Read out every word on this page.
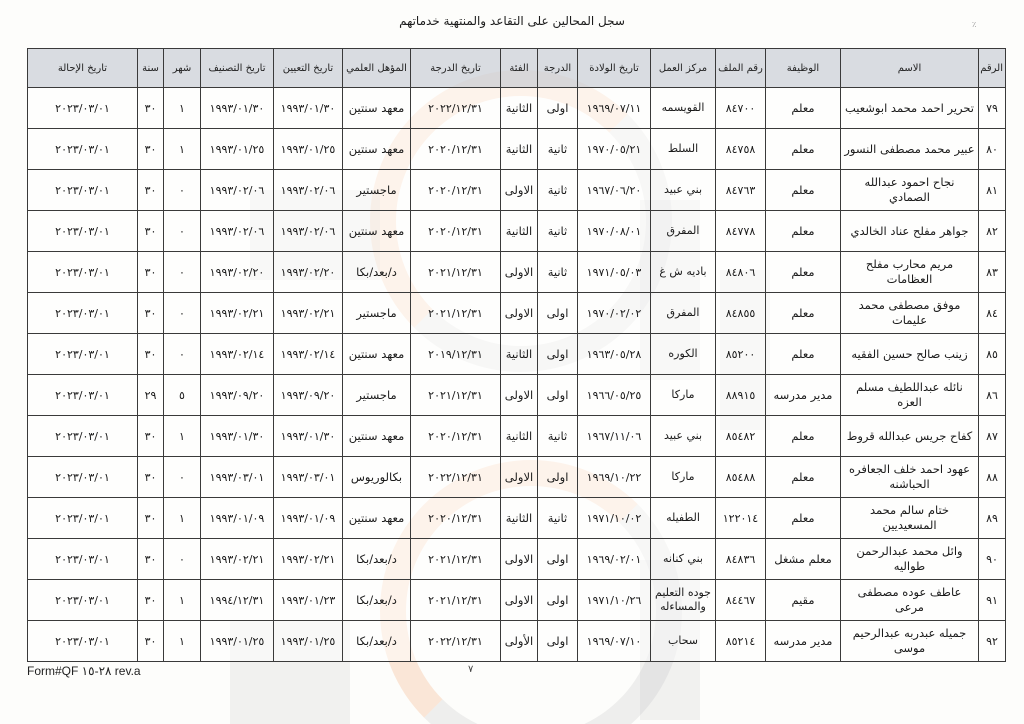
سجل المحالين على التقاعد والمنتهية خدماتهم	٪
الرقم	الاسم	الوظيفة	رقم الملف	مركز العمل	تاريخ الولادة	الدرجة	الفئة	تاريخ الدرجة	المؤهل العلمي	تاريخ التعيين	تاريخ التصنيف	شهر	سنة	تاريخ الإحالة
٧٩	تحرير احمد محمد ابوشعيب	معلم	٨٤٧٠٠	القويسمه	١٩٦٩/٠٧/١١	اولى	الثانية	٢٠٢٢/١٢/٣١	معهد سنتين	١٩٩٣/٠١/٣٠	١٩٩٣/٠١/٣٠	١	٣٠	٢٠٢٣/٠٣/٠١
٨٠	عبير محمد مصطفى النسور	معلم	٨٤٧٥٨	السلط	١٩٧٠/٠٥/٢١	ثانية	الثانية	٢٠٢٠/١٢/٣١	معهد سنتين	١٩٩٣/٠١/٢٥	١٩٩٣/٠١/٢٥	١	٣٠	٢٠٢٣/٠٣/٠١
٨١	نجاح احمود عبدالله الصمادي	معلم	٨٤٧٦٣	بني عبيد	١٩٦٧/٠٦/٢٠	ثانية	الاولى	٢٠٢٠/١٢/٣١	ماجستير	١٩٩٣/٠٢/٠٦	١٩٩٣/٠٢/٠٦	٠	٣٠	٢٠٢٣/٠٣/٠١
٨٢	جواهر مفلح عناد الخالدي	معلم	٨٤٧٧٨	المفرق	١٩٧٠/٠٨/٠١	ثانية	الثانية	٢٠٢٠/١٢/٣١	معهد سنتين	١٩٩٣/٠٢/٠٦	١٩٩٣/٠٢/٠٦	٠	٣٠	٢٠٢٣/٠٣/٠١
٨٣	مريم محارب مفلح العظامات	معلم	٨٤٨٠٦	باديه ش غ	١٩٧١/٠٥/٠٣	ثانية	الاولى	٢٠٢١/١٢/٣١	د/بعد/بكا	١٩٩٣/٠٢/٢٠	١٩٩٣/٠٢/٢٠	٠	٣٠	٢٠٢٣/٠٣/٠١
٨٤	موفق مصطفى محمد عليمات	معلم	٨٤٨٥٥	المفرق	١٩٧٠/٠٢/٠٢	اولى	الاولى	٢٠٢١/١٢/٣١	ماجستير	١٩٩٣/٠٢/٢١	١٩٩٣/٠٢/٢١	٠	٣٠	٢٠٢٣/٠٣/٠١
٨٥	زينب صالح حسين الفقيه	معلم	٨٥٢٠٠	الكوره	١٩٦٣/٠٥/٢٨	اولى	الثانية	٢٠١٩/١٢/٣١	معهد سنتين	١٩٩٣/٠٢/١٤	١٩٩٣/٠٢/١٤	٠	٣٠	٢٠٢٣/٠٣/٠١
٨٦	نائله عبداللطيف مسلم العزه	مدير مدرسه	٨٨٩١٥	ماركا	١٩٦٦/٠٥/٢٥	اولى	الاولى	٢٠٢١/١٢/٣١	ماجستير	١٩٩٣/٠٩/٢٠	١٩٩٣/٠٩/٢٠	٥	٢٩	٢٠٢٣/٠٣/٠١
٨٧	كفاح جريس عبدالله قروط	معلم	٨٥٤٨٢	بني عبيد	١٩٦٧/١١/٠٦	ثانية	الثانية	٢٠٢٠/١٢/٣١	معهد سنتين	١٩٩٣/٠١/٣٠	١٩٩٣/٠١/٣٠	١	٣٠	٢٠٢٣/٠٣/٠١
٨٨	عهود احمد خلف الجعافره الحباشنه	معلم	٨٥٤٨٨	ماركا	١٩٦٩/١٠/٢٢	اولى	الاولى	٢٠٢٢/١٢/٣١	بكالوريوس	١٩٩٣/٠٣/٠١	١٩٩٣/٠٣/٠١	٠	٣٠	٢٠٢٣/٠٣/٠١
٨٩	ختام سالم محمد المسعيديين	معلم	١٢٢٠١٤	الطفيله	١٩٧١/١٠/٠٢	ثانية	الثانية	٢٠٢٠/١٢/٣١	معهد سنتين	١٩٩٣/٠١/٠٩	١٩٩٣/٠١/٠٩	١	٣٠	٢٠٢٣/٠٣/٠١
٩٠	وائل محمد عبدالرحمن طواليه	معلم مشغل	٨٤٨٣٦	بني كنانه	١٩٦٩/٠٢/٠١	اولى	الاولى	٢٠٢١/١٢/٣١	د/بعد/بكا	١٩٩٣/٠٢/٢١	١٩٩٣/٠٢/٢١	٠	٣٠	٢٠٢٣/٠٣/٠١
٩١	عاطف عوده مصطفى مرعى	مقيم	٨٤٤٦٧	جوده التعليم والمساءله	١٩٧١/١٠/٢٦	اولى	الاولى	٢٠٢١/١٢/٣١	د/بعد/بكا	١٩٩٣/٠١/٢٣	١٩٩٤/١٢/٣١	١	٣٠	٢٠٢٣/٠٣/٠١
٩٢	جميله عبدربه عبدالرحيم موسى	مدير مدرسه	٨٥٢١٤	سحاب	١٩٦٩/٠٧/١٠	اولى	الأولى	٢٠٢٢/١٢/٣١	د/بعد/بكا	١٩٩٣/٠١/٢٥	١٩٩٣/٠١/٢٥	١	٣٠	٢٠٢٣/٠٣/٠١
Form#QF ٢٨-١٥ rev.a	٧
